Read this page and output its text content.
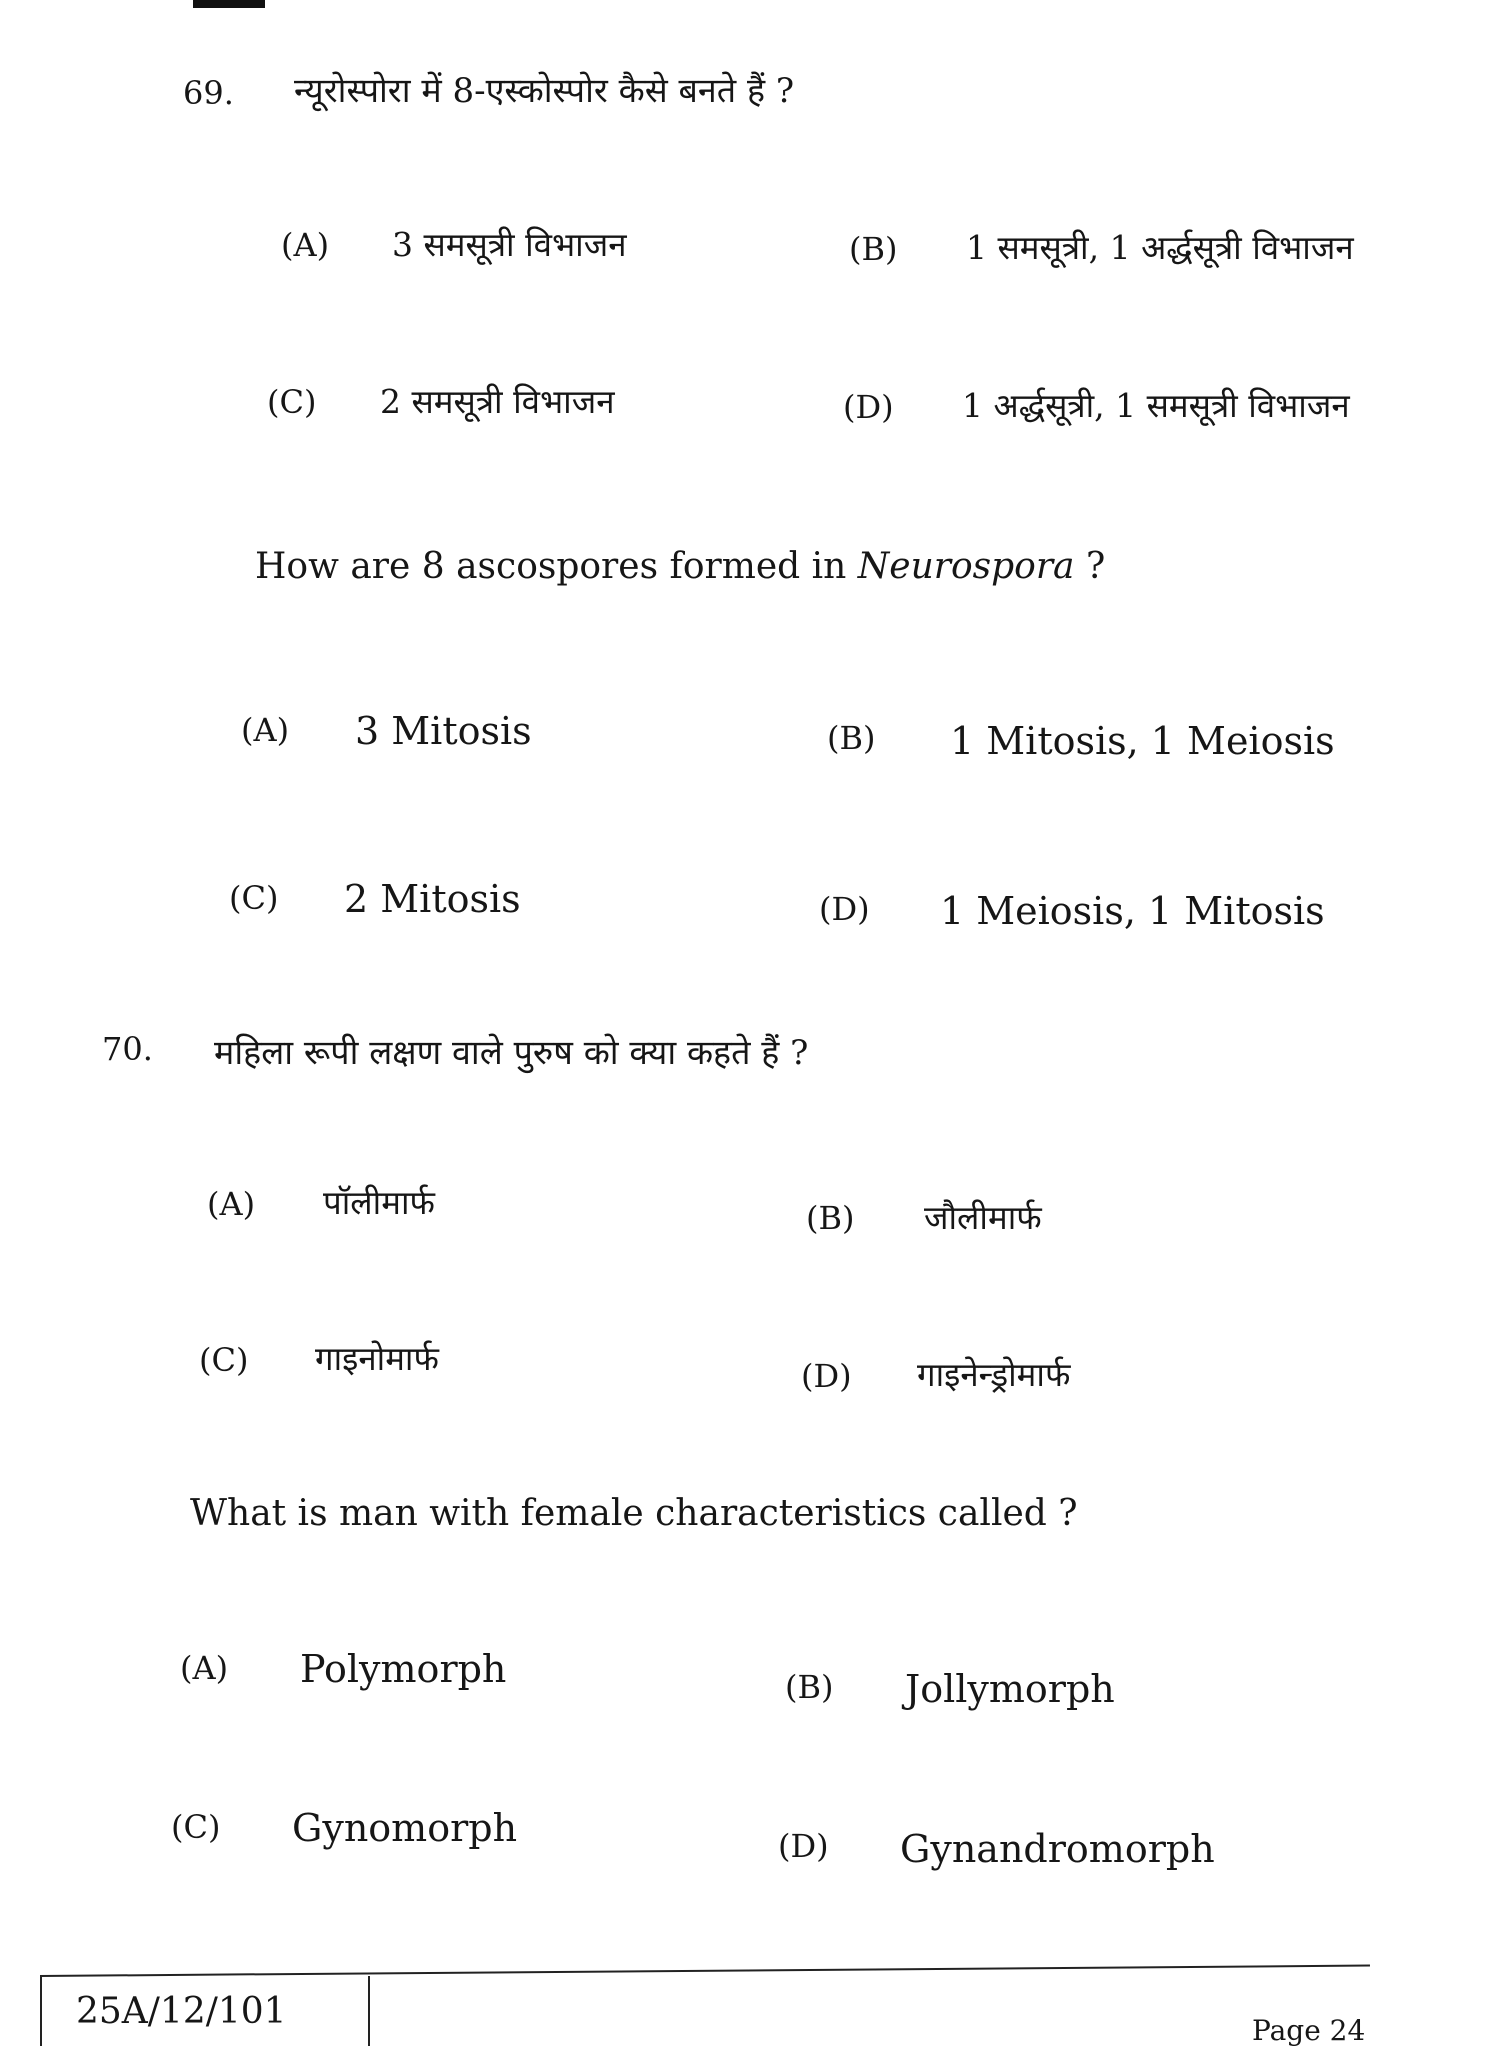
69. न्यूरोस्पोरा में 8-एस्कोस्पोर कैसे बनते हैं ?
(A) 3 समसूत्री विभाजन	(B) 1 समसूत्री, 1 अर्द्धसूत्री विभाजन
(C) 2 समसूत्री विभाजन	(D) 1 अर्द्धसूत्री, 1 समसूत्री विभाजन
How are 8 ascospores formed in Neurospora ?
(A) 3 Mitosis	(B) 1 Mitosis, 1 Meiosis
(C) 2 Mitosis	(D) 1 Meiosis, 1 Mitosis
70. महिला रूपी लक्षण वाले पुरुष को क्या कहते हैं ?
(A) पॉलीमार्फ	(B) जौलीमार्फ
(C) गाइनोमार्फ	(D) गाइनेन्ड्रोमार्फ
What is man with female characteristics called ?
(A) Polymorph	(B) Jollymorph
(C) Gynomorph	(D) Gynandromorph
25A/12/101	Page 24
